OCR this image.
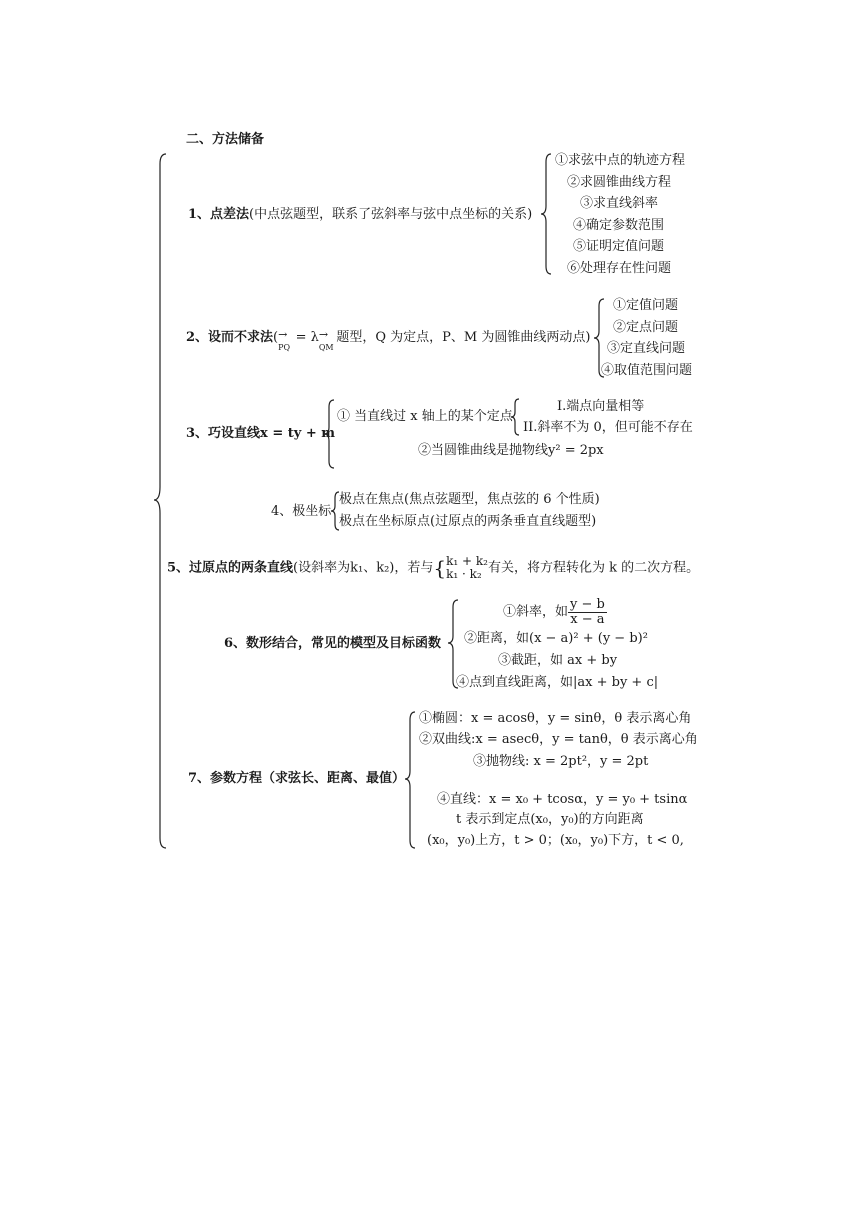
二、方法储备
1、点差法(中点弦题型，联系了弦斜率与弦中点坐标的关系)
①求弦中点的轨迹方程
②求圆锥曲线方程
③求直线斜率
④确定参数范围
⑤证明定值问题
⑥处理存在性问题
2、设而不求法(→
PQ
= λ→
QM
题型，Q 为定点，P、M 为圆锥曲线两动点)
①定值问题
②定点问题
③定直线问题
④取值范围问题
3、巧设直线x = ty + m
① 当直线过 x 轴上的某个定点
I.端点向量相等
II.斜率不为 0，但可能不存在
②当圆锥曲线是抛物线y² = 2px
4、极坐标
极点在焦点(焦点弦题型，焦点弦的 6 个性质)
极点在坐标原点(过原点的两条垂直直线题型)
5、过原点的两条直线(设斜率为k₁、k₂)，若与{ k₁ + k₂
k₁ · k₂ 有关，将方程转化为 k 的二次方程。
6、数形结合，常见的模型及目标函数
①斜率，如 $\frac{y - b}{x - a}$
②距离，如(x − a)² + (y − b)²
③截距，如 ax + by
④点到直线距离，如|ax + by + c|
7、参数方程（求弦长、距离、最值）
①椭圆：x = acosθ，y = sinθ，θ 表示离心角
②双曲线:x = asecθ，y = tanθ，θ 表示离心角
③抛物线: x = 2pt²，y = 2pt
④直线：x = x₀ + tcosα，y = y₀ + tsinα
t 表示到定点(x₀，y₀)的方向距离
(x₀，y₀)上方，t > 0；(x₀，y₀)下方，t < 0,
